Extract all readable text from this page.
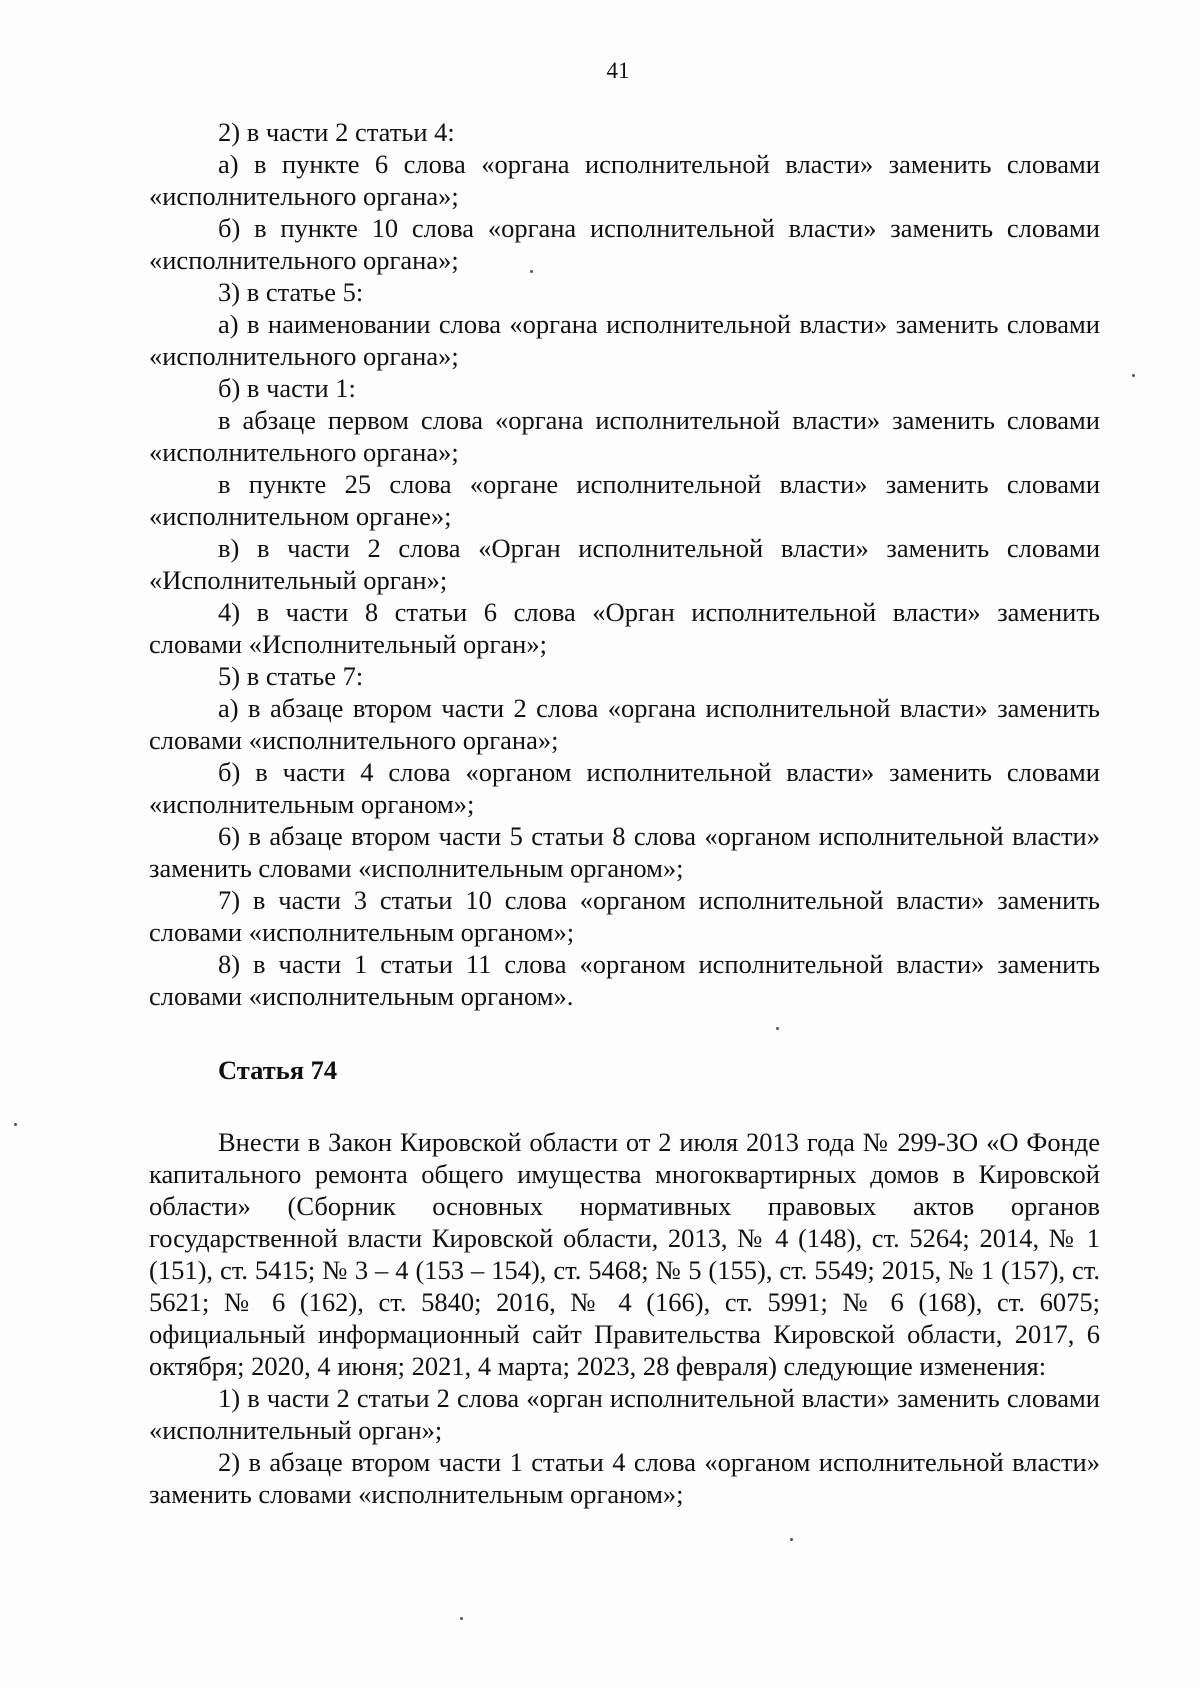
41

2) в части 2 статьи 4:

а) в пункте 6 слова «органа исполнительной власти» заменить словами «исполнительного органа»;

б) в пункте 10 слова «органа исполнительной власти» заменить словами «исполнительного органа»;

3) в статье 5:

а) в наименовании слова «органа исполнительной власти» заменить словами «исполнительного органа»;

б) в части 1:

в абзаце первом слова «органа исполнительной власти» заменить словами «исполнительного органа»;

в пункте 25 слова «органе исполнительной власти» заменить словами «исполнительном органе»;

в) в части 2 слова «Орган исполнительной власти» заменить словами «Исполнительный орган»;

4) в части 8 статьи 6 слова «Орган исполнительной власти» заменить словами «Исполнительный орган»;

5) в статье 7:

а) в абзаце втором части 2 слова «органа исполнительной власти» заменить словами «исполнительного органа»;

б) в части 4 слова «органом исполнительной власти» заменить словами «исполнительным органом»;

6) в абзаце втором части 5 статьи 8 слова «органом исполнительной власти» заменить словами «исполнительным органом»;

7) в части 3 статьи 10 слова «органом исполнительной власти» заменить словами «исполнительным органом»;

8) в части 1 статьи 11 слова «органом исполнительной власти» заменить словами «исполнительным органом».

Статья 74

Внести в Закон Кировской области от 2 июля 2013 года № 299-ЗО «О Фонде капитального ремонта общего имущества многоквартирных домов в Кировской области» (Сборник основных нормативных правовых актов органов государственной власти Кировской области, 2013, № 4 (148), ст. 5264; 2014, № 1 (151), ст. 5415; № 3 – 4 (153 – 154), ст. 5468; № 5 (155), ст. 5549; 2015, № 1 (157), ст. 5621; № 6 (162), ст. 5840; 2016, № 4 (166), ст. 5991; № 6 (168), ст. 6075; официальный информационный сайт Правительства Кировской области, 2017, 6 октября; 2020, 4 июня; 2021, 4 марта; 2023, 28 февраля) следующие изменения:

1) в части 2 статьи 2 слова «орган исполнительной власти» заменить словами «исполнительный орган»;

2) в абзаце втором части 1 статьи 4 слова «органом исполнительной власти» заменить словами «исполнительным органом»;
